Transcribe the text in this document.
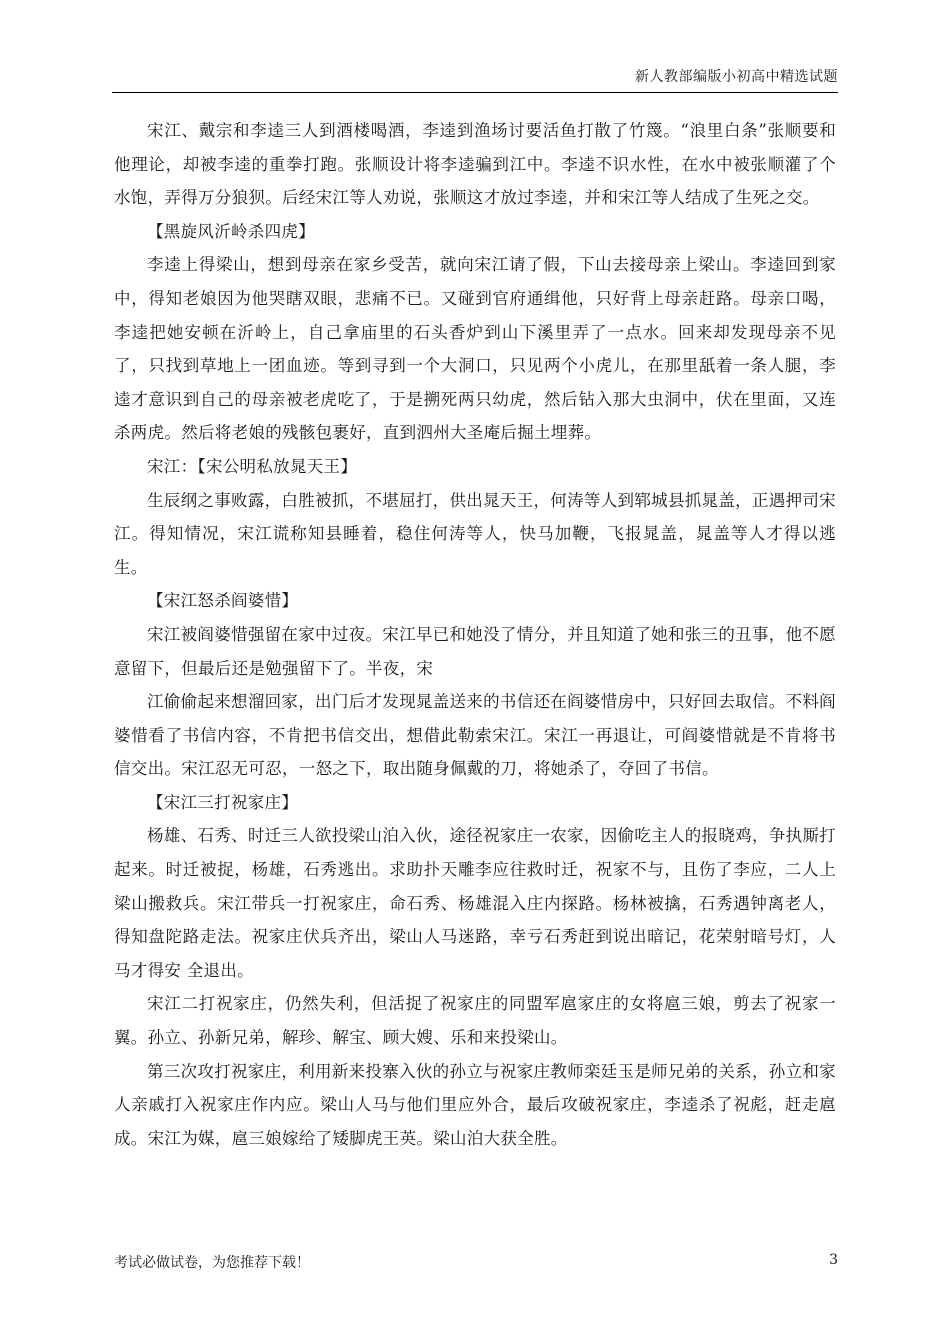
新人教部编版小初高中精选试题

宋江、戴宗和李逵三人到酒楼喝酒，李逵到渔场讨要活鱼打散了竹篾。“浪里白条”张顺要和他理论，却被李逵的重拳打跑。张顺设计将李逵骗到江中。李逵不识水性，在水中被张顺灌了个水饱，弄得万分狼狈。后经宋江等人劝说，张顺这才放过李逵，并和宋江等人结成了生死之交。

【黑旋风沂岭杀四虎】

李逵上得梁山，想到母亲在家乡受苦，就向宋江请了假，下山去接母亲上梁山。李逵回到家中，得知老娘因为他哭瞎双眼，悲痛不已。又碰到官府通缉他，只好背上母亲赶路。母亲口喝，李逵把她安顿在沂岭上，自己拿庙里的石头香炉到山下溪里弄了一点水。回来却发现母亲不见了，只找到草地上一团血迹。等到寻到一个大洞口，只见两个小虎儿，在那里舐着一条人腿，李逵才意识到自己的母亲被老虎吃了，于是搠死两只幼虎，然后钻入那大虫洞中，伏在里面，又连杀两虎。然后将老娘的残骸包裹好，直到泗州大圣庵后掘土埋葬。

宋江：【宋公明私放晁天王】

生辰纲之事败露，白胜被抓，不堪屈打，供出晁天王，何涛等人到郓城县抓晁盖，正遇押司宋江。得知情况，宋江谎称知县睡着，稳住何涛等人，快马加鞭，飞报晁盖，晁盖等人才得以逃生。

【宋江怒杀阎婆惜】

宋江被阎婆惜强留在家中过夜。宋江早已和她没了情分，并且知道了她和张三的丑事，他不愿意留下，但最后还是勉强留下了。半夜，宋

江偷偷起来想溜回家，出门后才发现晁盖送来的书信还在阎婆惜房中，只好回去取信。不料阎婆惜看了书信内容，不肯把书信交出，想借此勒索宋江。宋江一再退让，可阎婆惜就是不肯将书信交出。宋江忍无可忍，一怒之下，取出随身佩戴的刀，将她杀了，夺回了书信。

【宋江三打祝家庄】

杨雄、石秀、时迁三人欲投梁山泊入伙，途径祝家庄一农家，因偷吃主人的报晓鸡，争执厮打起来。时迁被捉，杨雄，石秀逃出。求助扑天雕李应往救时迁，祝家不与，且伤了李应，二人上梁山搬救兵。宋江带兵一打祝家庄，命石秀、杨雄混入庄内探路。杨林被擒，石秀遇钟离老人，得知盘陀路走法。祝家庄伏兵齐出，梁山人马迷路，幸亏石秀赶到说出暗记，花荣射暗号灯，人马才得安 全退出。

宋江二打祝家庄，仍然失利，但活捉了祝家庄的同盟军扈家庄的女将扈三娘，剪去了祝家一翼。孙立、孙新兄弟，解珍、解宝、顾大嫂、乐和来投梁山。

第三次攻打祝家庄，利用新来投寨入伙的孙立与祝家庄教师栾廷玉是师兄弟的关系，孙立和家人亲戚打入祝家庄作内应。梁山人马与他们里应外合，最后攻破祝家庄，李逵杀了祝彪，赶走扈成。宋江为媒，扈三娘嫁给了矮脚虎王英。梁山泊大获全胜。

考试必做试卷，为您推荐下载！	3
